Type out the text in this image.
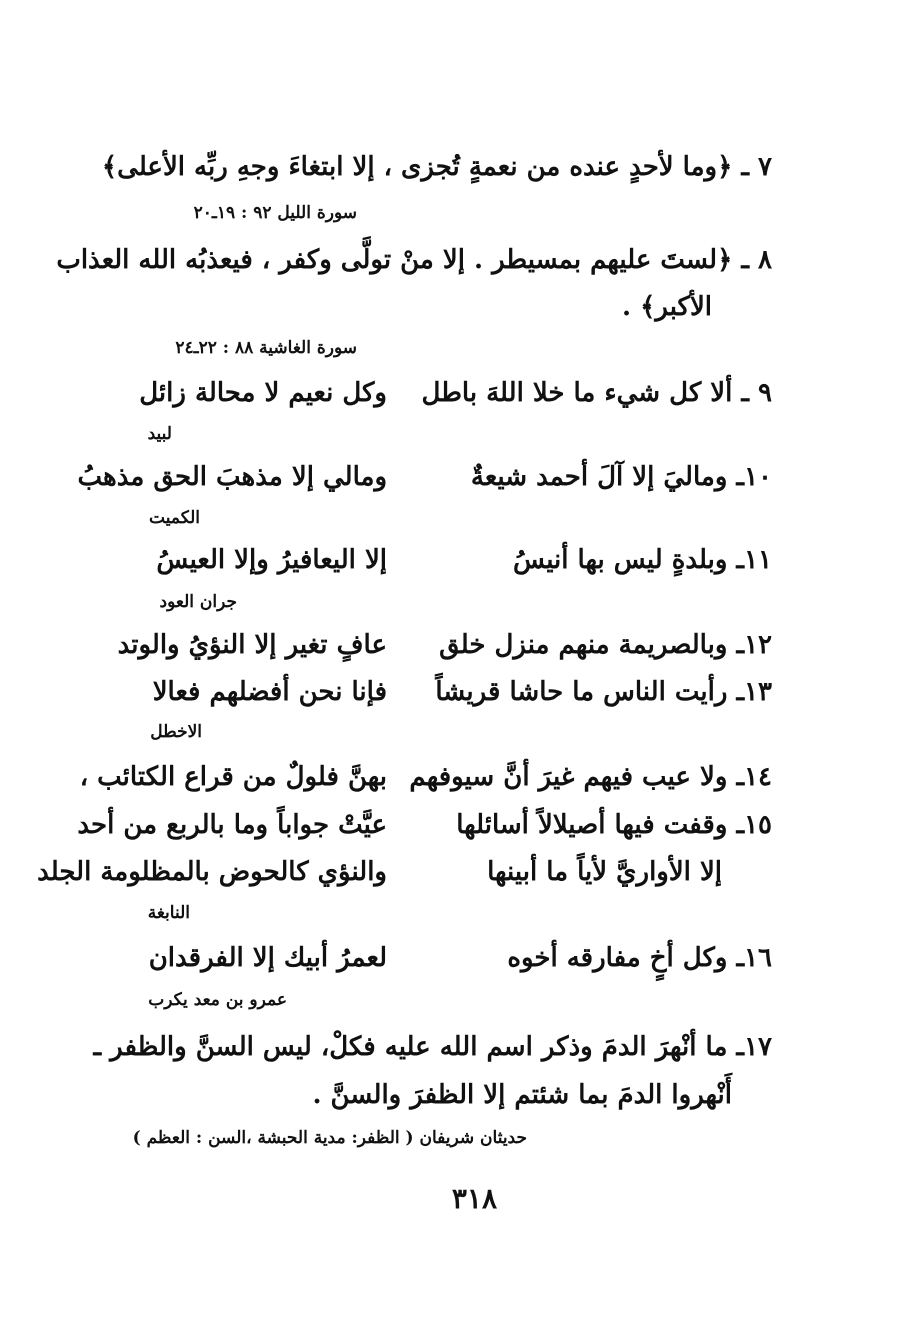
٧ ـ ﴿وما لأحدٍ عنده من نعمةٍ تُجزى ، إلا ابتغاءَ وجهِ ربِّه الأعلى﴾
سورة الليل ٩٢ : ١٩ـ٢٠
٨ ـ ﴿لستَ عليهم بمسيطر . إلا منْ تولَّى وكفر ، فيعذبُه الله العذاب
الأكبر﴾ .
سورة الغاشية ٨٨ : ٢٢ـ٢٤
٩ ـ ألا كل شيء ما خلا اللهَ باطل
وكل نعيم لا محالة زائل
لبيد
١٠ـ وماليَ إلا آلَ أحمد شيعةٌ
ومالي إلا مذهبَ الحق مذهبُ
الكميت
١١ـ وبلدةٍ ليس بها أنيسُ
إلا اليعافيرُ وإلا العيسُ
جران العود
١٢ـ وبالصريمة منهم منزل خلق
عافٍ تغير إلا النؤيُ والوتد
١٣ـ رأيت الناس ما حاشا قريشاً
فإنا نحن أفضلهم فعالا
الاخطل
١٤ـ ولا عيب فيهم غيرَ أنَّ سيوفهم
بهنَّ فلولٌ من قراع الكتائب ،
١٥ـ وقفت فيها أصيلالاً أسائلها
عيَّتْ جواباً وما بالربع من أحد
إلا الأواريَّ لأياً ما أبينها
والنؤي كالحوض بالمظلومة الجلد
النابغة
١٦ـ وكل أخٍ مفارقه أخوه
لعمرُ أبيك إلا الفرقدان
عمرو بن معد يكرب
١٧ـ ما أنْهرَ الدمَ وذكر اسم الله عليه فكلْ، ليس السنَّ والظفر ـ
أَنْهروا الدمَ بما شئتم إلا الظفرَ والسنَّ .
حديثان شريفان ( الظفر: مدية الحبشة ،السن : العظم )
٣١٨
